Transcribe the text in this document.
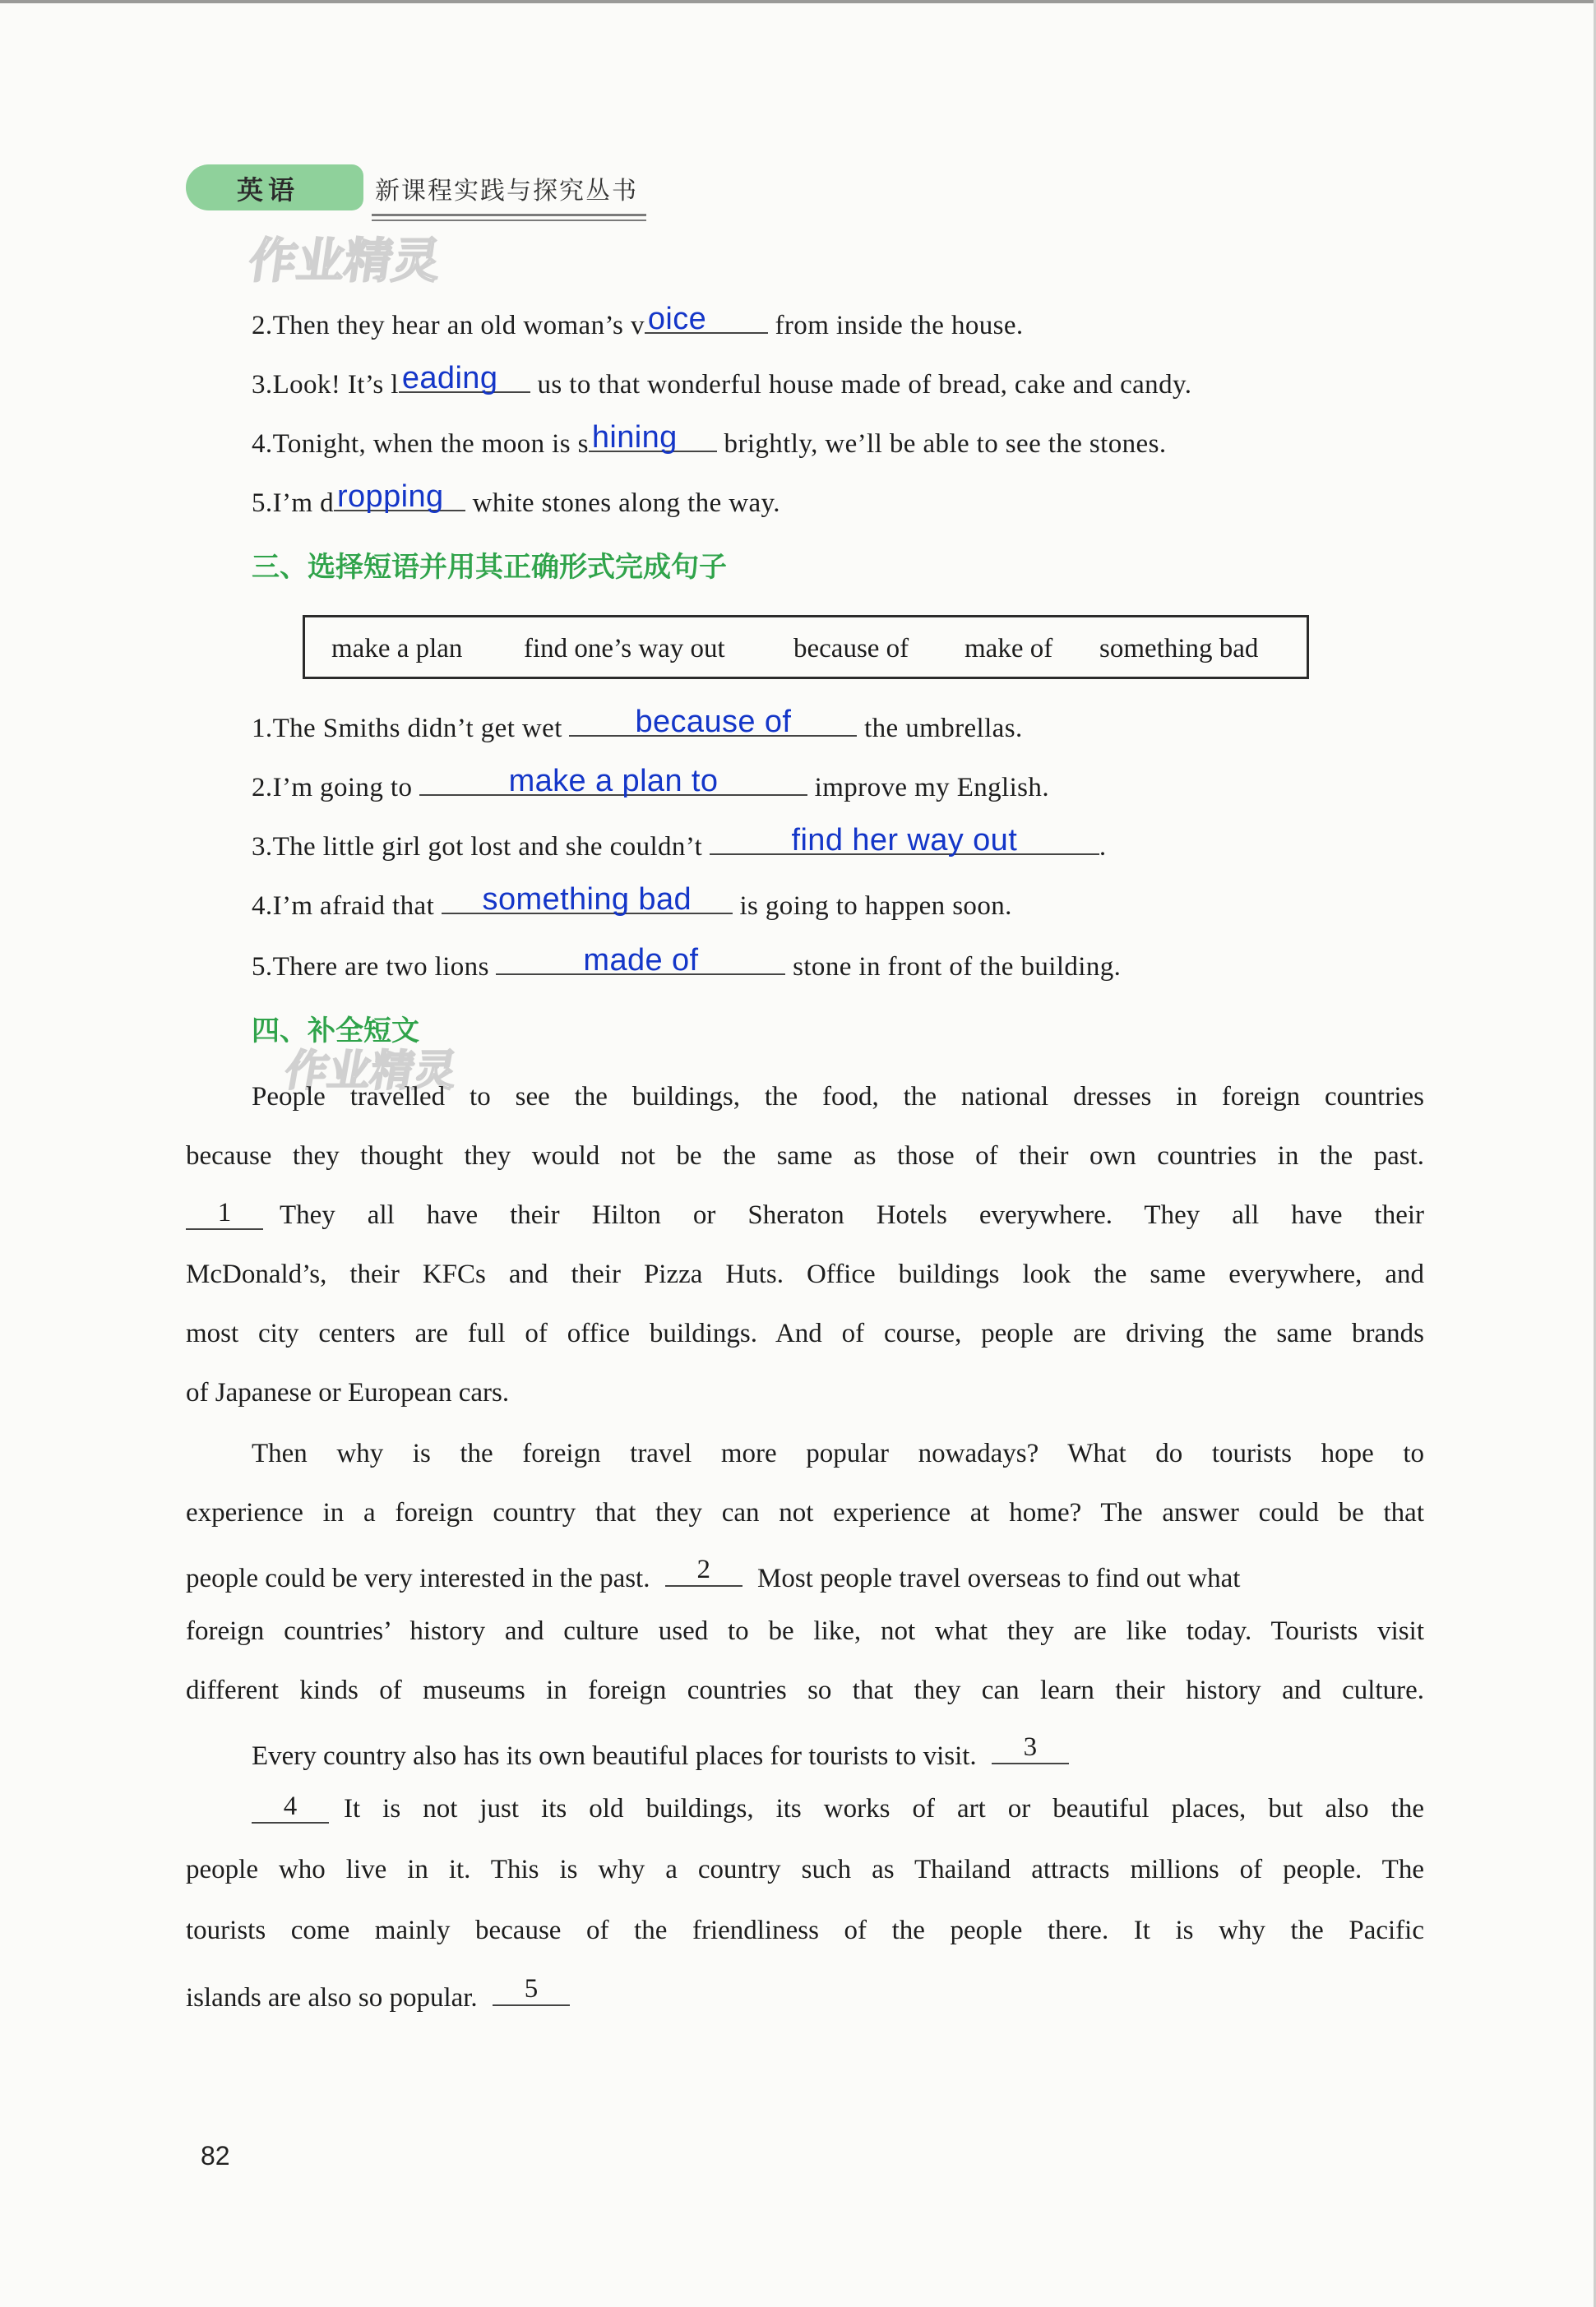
英语	新课程实践与探究丛书
作业精灵
2.Then they hear an old woman’s v oice	from inside the house.
3.Look! It’s l eading	us to that wonderful house made of bread, cake and candy.
4.Tonight, when the moon is s hining	brightly, we’ll be able to see the stones.
5.I’m d ropping white stones along the way.
三、选择短语并用其正确形式完成句子
make a plan find one’s way out	because of make of something bad
1.The Smiths didn’t get wet	because of	the umbrellas.
2.I’m going to	make a plan to	improve my English.
3.The little girl got lost and she couldn’t	find her way out	.
4.I’m afraid that	something bad	is going to happen soon.
5.There are two lions	made of	stone in front of the building.
四、补全短文
作业精灵
People travelled to see the buildings, the food, the national dresses in foreign countries
because they thought they would not be the same as those of their own countries in the past.
1	They all have their Hilton or Sheraton Hotels everywhere. They all have their
McDonald’s, their KFCs and their Pizza Huts. Office buildings look the same everywhere, and
most city centers are full of office buildings. And of course, people are driving the same brands
of Japanese or European cars.
Then why is the foreign travel more popular nowadays? What do tourists hope to
experience in a foreign country that they can not experience at home? The answer could be that
people could be very interested in the past.	2	Most people travel overseas to find out what
foreign countries’ history and culture used to be like, not what they are like today. Tourists visit
different kinds of museums in foreign countries so that they can learn their history and culture.
Every country also has its own beautiful places for tourists to visit.	3
4	It is not just its old buildings, its works of art or beautiful places, but also the
people who live in it. This is why a country such as Thailand attracts millions of people. The
tourists come mainly because of the friendliness of the people there. It is why the Pacific
islands are also so popular.	5
82
